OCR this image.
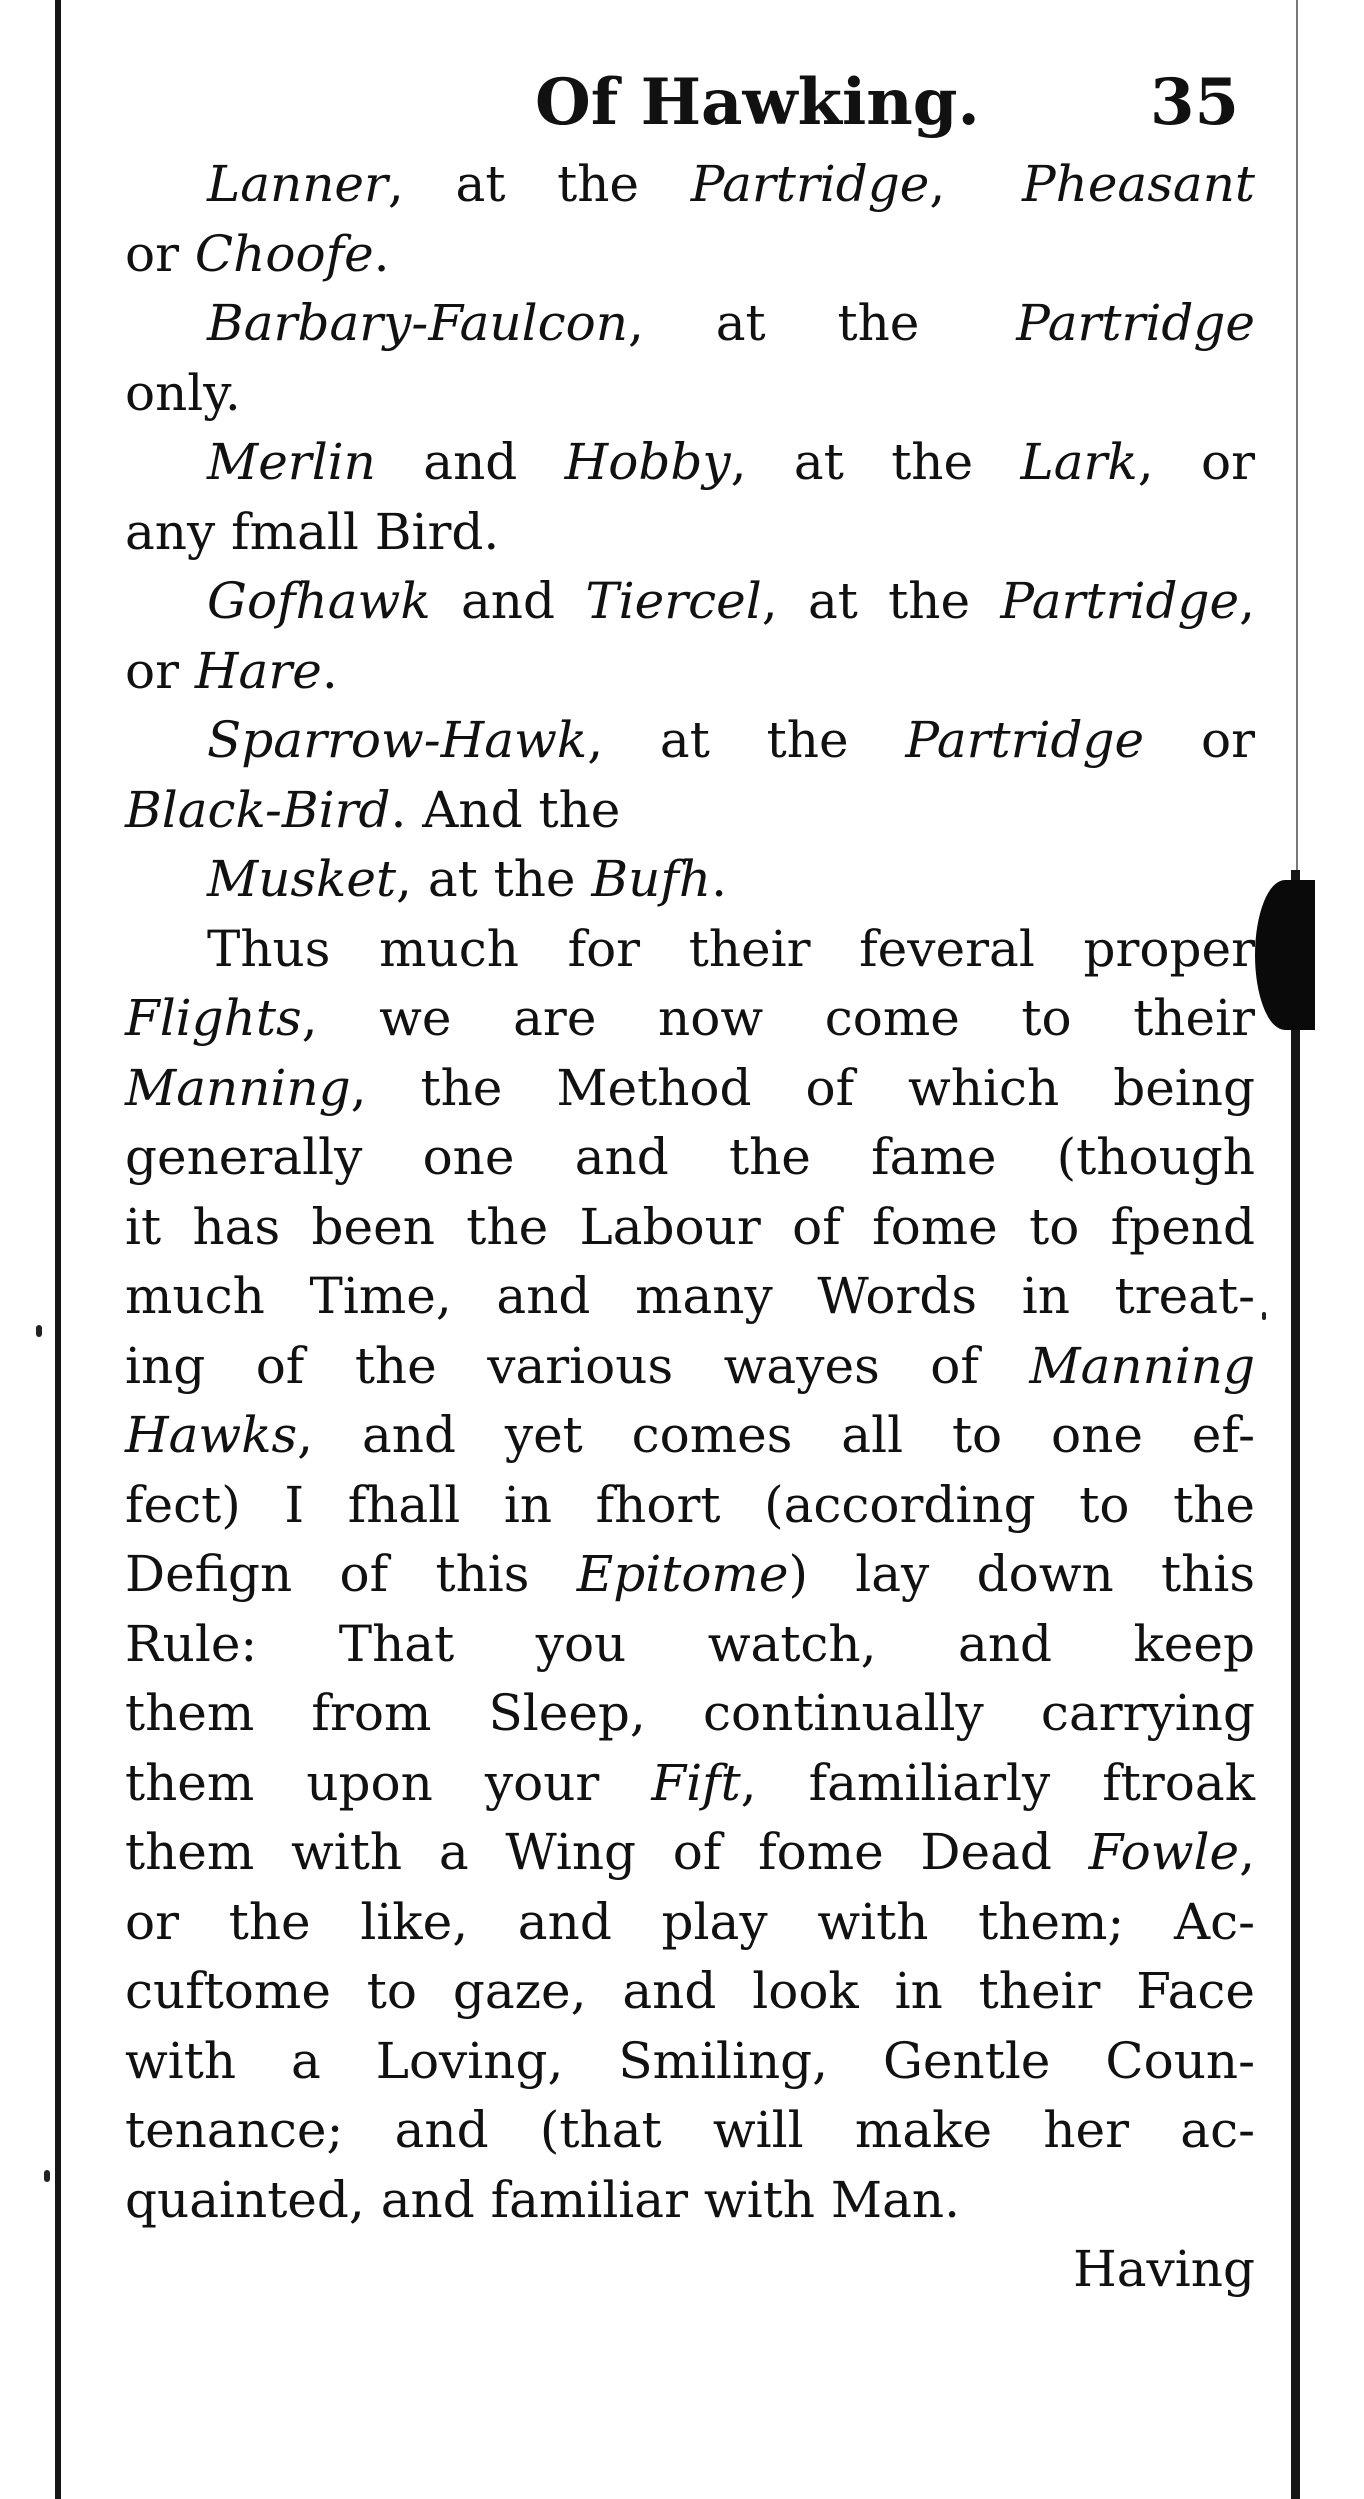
Of Hawking.	35
Lanner, at the Partridge, Pheasant
or Choofe.
Barbary-Faulcon, at the Partridge
only.
Merlin and Hobby, at the Lark, or
any fmall Bird.
Gofhawk and Tiercel, at the Partridge,
or Hare.
Sparrow-Hawk, at the Partridge or
Black-Bird. And the
Musket, at the Bufh.
Thus much for their feveral proper
Flights, we are now come to their
Manning, the Method of which being
generally one and the fame (though
it has been the Labour of fome to fpend
much Time, and many Words in treat-
ing of the various wayes of Manning
Hawks, and yet comes all to one ef-
fect) I fhall in fhort (according to the
Defign of this Epitome) lay down this
Rule: That you watch, and keep
them from Sleep, continually carrying
them upon your Fift, familiarly ftroak
them with a Wing of fome Dead Fowle,
or the like, and play with them; Ac-
cuftome to gaze, and look in their Face
with a Loving, Smiling, Gentle Coun-
tenance; and (that will make her ac-
quainted, and familiar with Man.
Having
